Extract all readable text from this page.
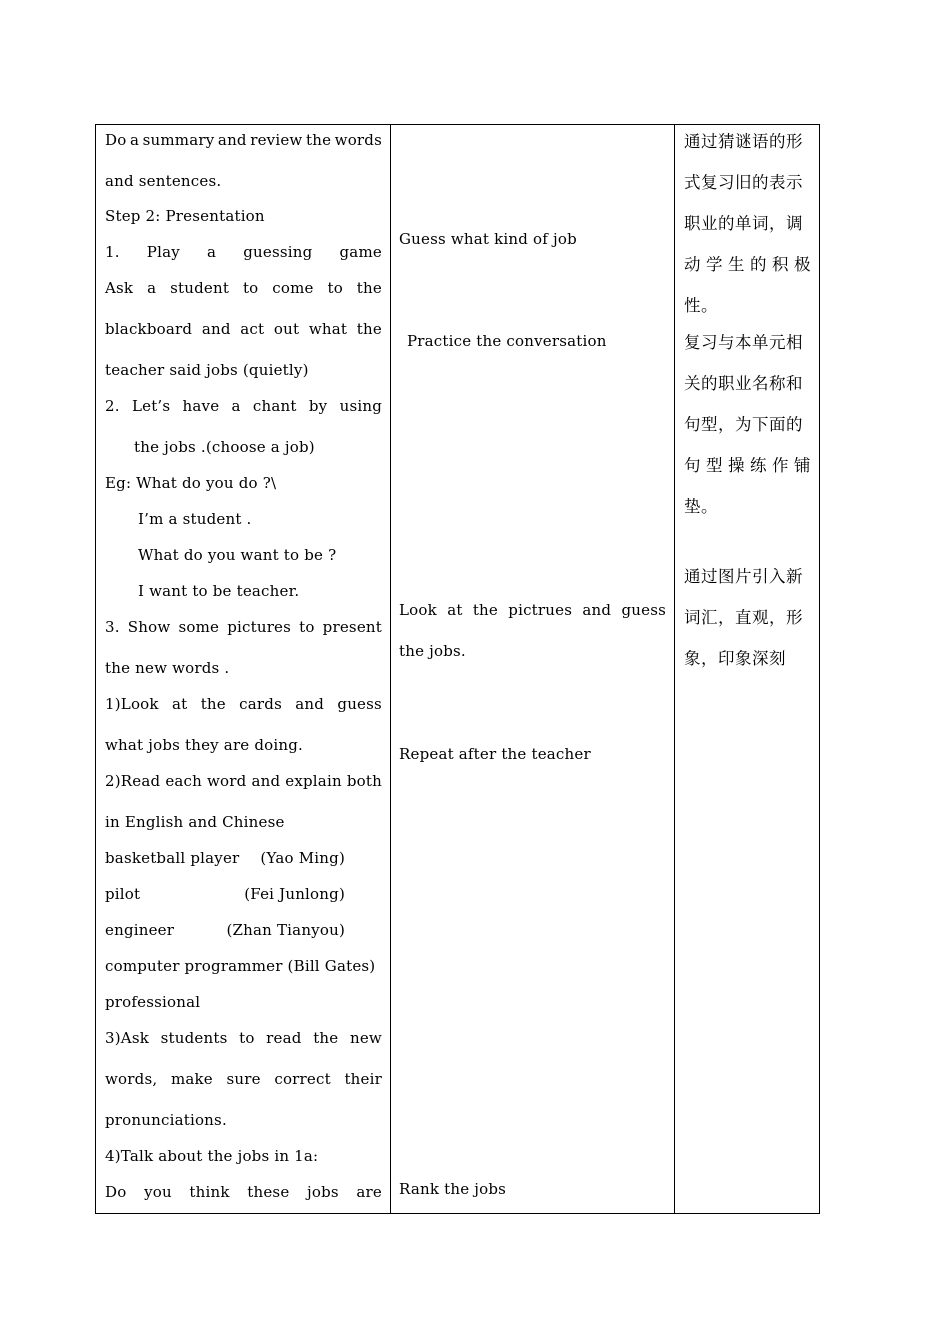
Do a summary and review the words
and sentences.
Step 2: Presentation
1. Play a guessing game
Ask a student to come to the
blackboard and act out what the
teacher said jobs (quietly)
2. Let’s have a chant by using
the jobs .(choose a job)
Eg: What do you do ?\
I’m a student .
What do you want to be ?
I want to be teacher.
3. Show some pictures to present
the new words .
1)Look at the cards and guess
what jobs they are doing.
2)Read each word and explain both
in English and Chinese
basketball player (Yao Ming)
pilot	(Fei Junlong)
engineer	(Zhan Tianyou)
computer programmer (Bill Gates)
professional
3)Ask students to read the new
words, make sure correct their
pronunciations.
4)Talk about the jobs in 1a:
Do you think these jobs are
Guess what kind of job
Practice the conversation
Look at the pictrues and guess
the jobs.
Repeat after the teacher
Rank the jobs
通过猜谜语的形
式复习旧的表示
职业的单词，调
动 学 生 的 积 极
性。
复习与本单元相
关的职业名称和
句型，为下面的
句 型 操 练 作 铺
垫。
通过图片引入新
词汇，直观，形
象，印象深刻
